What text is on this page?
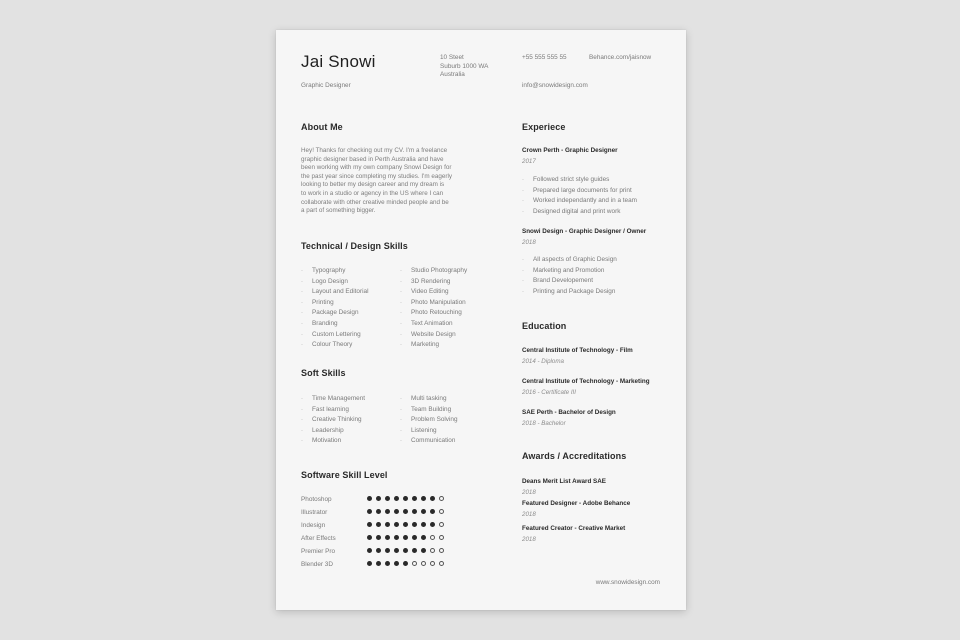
Jai Snowi	10 Steet
Suburb 1000 WA
Australia
+55 555 555 55	Behance.com/jaisnow
Graphic Designer	info@snowidesign.com
About Me
Hey! Thanks for checking out my CV. I'm a freelance
graphic designer based in Perth Australia and have
been working with my own company Snowi Design for
the past year since completing my studies. I'm eagerly
looking to better my design career and my dream is
to work in a studio or agency in the US where I can
collaborate with other creative minded people and be
a part of something bigger.
Technical / Design Skills
· Typography
· Logo Design
· Layout and Editorial
· Printing
· Package Design
· Branding
· Custom Lettering
· Colour Theory
· Studio Photography
· 3D Rendering
· Video Editing
· Photo Manipulation
· Photo Retouching
· Text Animation
· Website Design
· Marketing
Soft Skills
· Time Management
· Fast learning
· Creative Thinking
· Leadership
· Motivation
· Multi tasking
· Team Building
· Problem Solving
· Listening
· Communication
Software Skill Level
Photoshop
Illustrator
Indesign
After Effects
Premier Pro
Blender 3D
Experiece
Crown Perth - Graphic Designer
2017
· Followed strict style guides
· Prepared large documents for print
· Worked independantly and in a team
· Designed digital and print work
Snowi Design - Graphic Designer / Owner
2018
· All aspects of Graphic Design
· Marketing and Promotion
· Brand Developement
· Printing and Package Design
Education
Central Institute of Technology - Film
2014 - Diploma
Central Institute of Technology - Marketing
2016 - Certificate III
SAE Perth - Bachelor of Design
2018 - Bachelor
Awards / Accreditations
Deans Merit List Award SAE
2018
Featured Designer - Adobe Behance
2018
Featured Creator - Creative Market
2018
www.snowidesign.com
